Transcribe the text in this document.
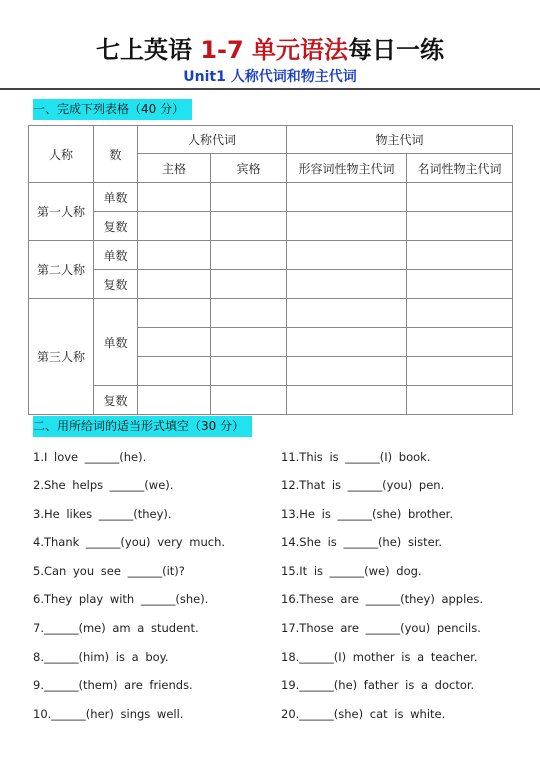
七上英语 1-7 单元语法每日一练
Unit1 人称代词和物主代词
一、完成下列表格（40 分）
人称	数	人称代词		物主代词	
		主格	宾格	形容词性物主代词	名词性物主代词
第一人称	单数				
	复数				
第二人称	单数				
	复数				
第三人称	单数				

	复数				
二、用所给词的适当形式填空（30 分）
1.I love ______(he).
2.She helps ______(we).
3.He likes ______(they).
4.Thank ______(you) very much.
5.Can you see ______(it)?
6.They play with ______(she).
7.______(me) am a student.
8.______(him) is a boy.
9.______(them) are friends.
10.______(her) sings well.
11.This is ______(I) book.
12.That is ______(you) pen.
13.He is ______(she) brother.
14.She is ______(he) sister.
15.It is ______(we) dog.
16.These are ______(they) apples.
17.Those are ______(you) pencils.
18.______(I) mother is a teacher.
19.______(he) father is a doctor.
20.______(she) cat is white.
